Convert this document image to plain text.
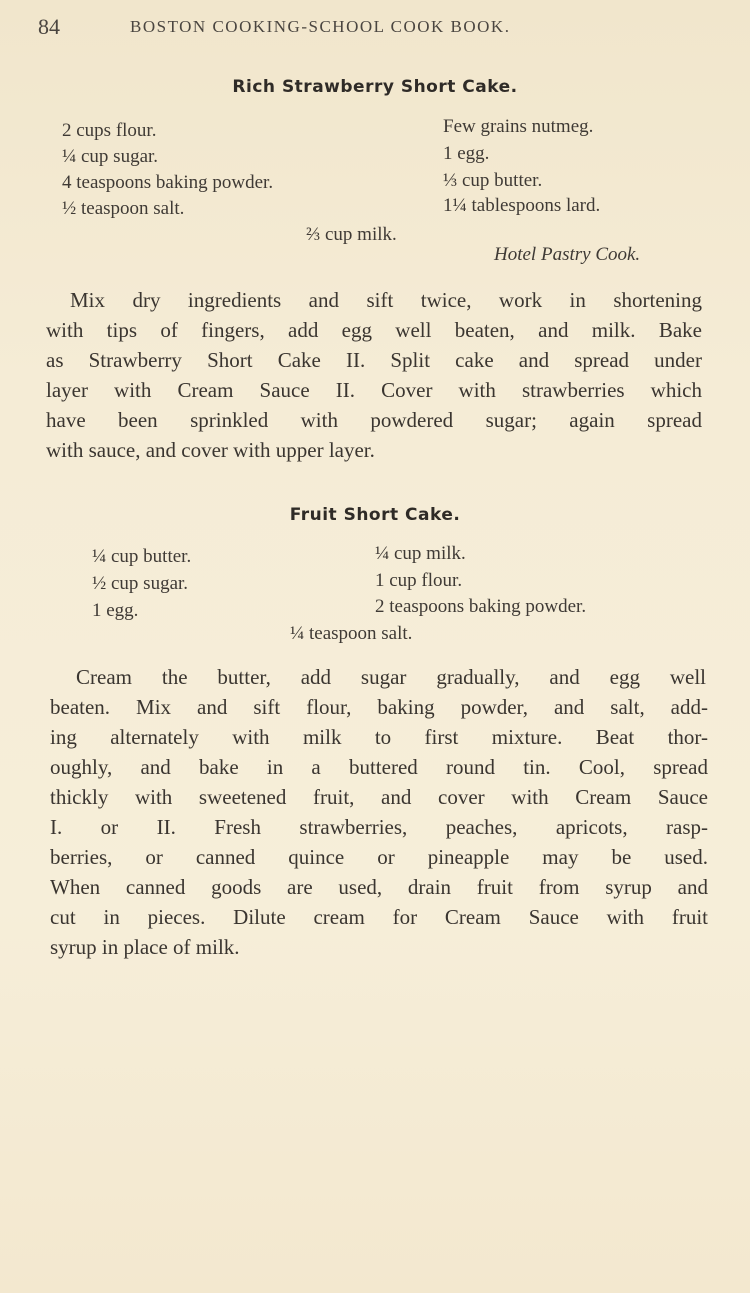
84	BOSTON COOKING-SCHOOL COOK BOOK.
Rich Strawberry Short Cake.
2 cups flour.
¼ cup sugar.
4 teaspoons baking powder.
½ teaspoon salt.
Few grains nutmeg.
1 egg.
⅓ cup butter.
1¼ tablespoons lard.
⅔ cup milk.
Hotel Pastry Cook.
Mix dry ingredients and sift twice, work in shortening
with tips of fingers, add egg well beaten, and milk. Bake
as Strawberry Short Cake II. Split cake and spread under
layer with Cream Sauce II. Cover with strawberries which
have been sprinkled with powdered sugar; again spread
with sauce, and cover with upper layer.
Fruit Short Cake.
¼ cup butter.
½ cup sugar.
1 egg.
¼ cup milk.
1 cup flour.
2 teaspoons baking powder.
¼ teaspoon salt.
Cream the butter, add sugar gradually, and egg well
beaten. Mix and sift flour, baking powder, and salt, add-
ing alternately with milk to first mixture. Beat thor-
oughly, and bake in a buttered round tin. Cool, spread
thickly with sweetened fruit, and cover with Cream Sauce
I. or II. Fresh strawberries, peaches, apricots, rasp-
berries, or canned quince or pineapple may be used.
When canned goods are used, drain fruit from syrup and
cut in pieces. Dilute cream for Cream Sauce with fruit
syrup in place of milk.
